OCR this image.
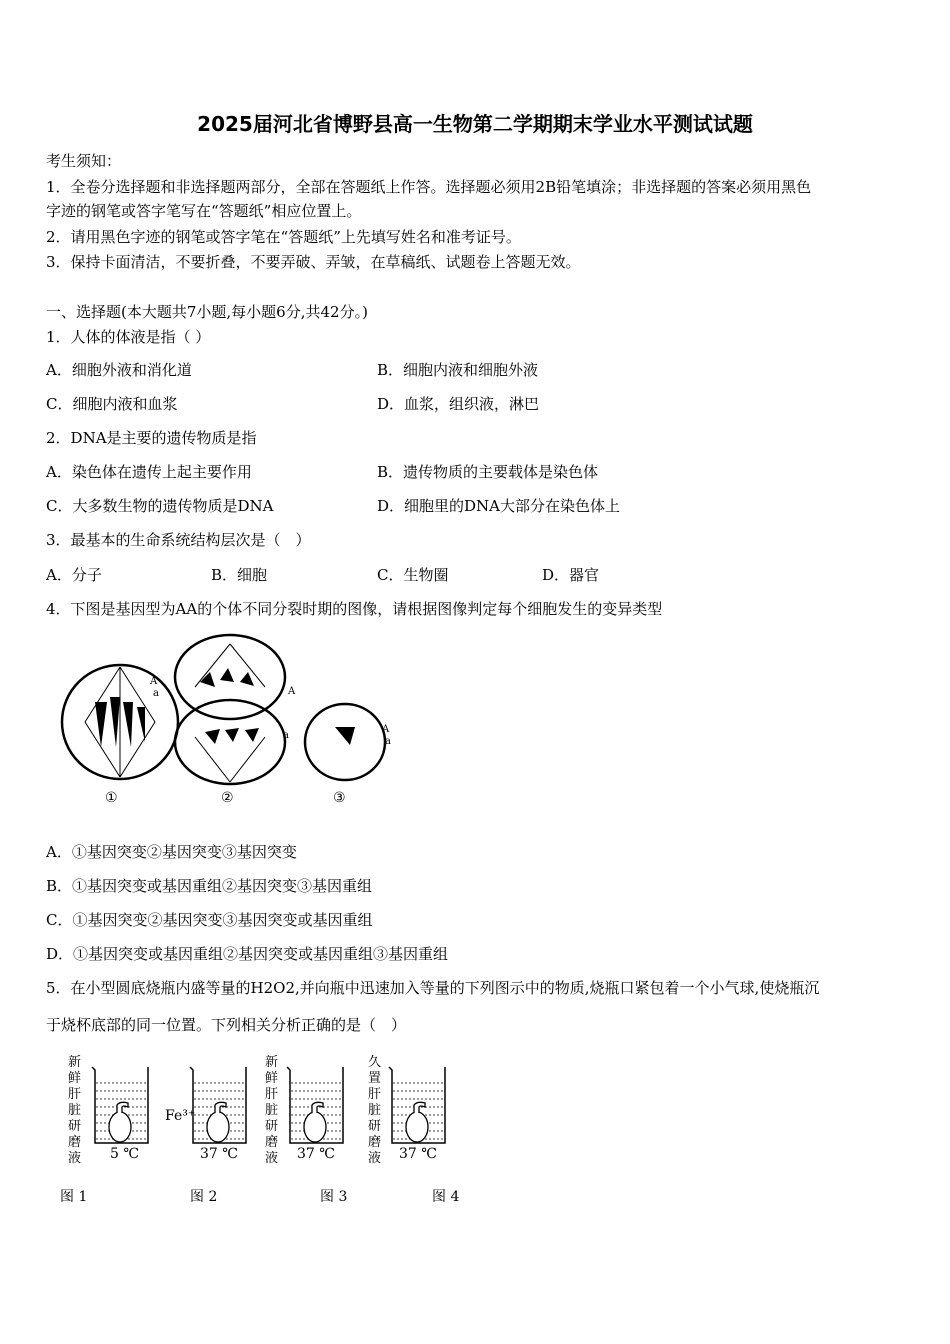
2025届河北省博野县高一生物第二学期期末学业水平测试试题
考生须知：
1．全卷分选择题和非选择题两部分，全部在答题纸上作答。选择题必须用2B铅笔填涂；非选择题的答案必须用黑色
字迹的钢笔或答字笔写在“答题纸”相应位置上。
2．请用黑色字迹的钢笔或答字笔在“答题纸”上先填写姓名和准考证号。
3．保持卡面清洁，不要折叠，不要弄破、弄皱，在草稿纸、试题卷上答题无效。
一、选择题(本大题共7小题,每小题6分,共42分。)
1．人体的体液是指（ ）
A．细胞外液和消化道	B．细胞内液和细胞外液
C．细胞内液和血浆	D．血浆，组织液，淋巴
2．DNA是主要的遗传物质是指
A．染色体在遗传上起主要作用	B．遗传物质的主要载体是染色体
C．大多数生物的遗传物质是DNA	D．细胞里的DNA大部分在染色体上
3．最基本的生命系统结构层次是（　）
A．分子	B．细胞	C．生物圈	D．器官
4．下图是基因型为AA的个体不同分裂时期的图像，请根据图像判定每个细胞发生的变异类型
A
a	A
a
A
a
①	②	③
A．①基因突变②基因突变③基因突变
B．①基因突变或基因重组②基因突变③基因重组
C．①基因突变②基因突变③基因突变或基因重组
D．①基因突变或基因重组②基因突变或基因重组③基因重组
5．在小型圆底烧瓶内盛等量的H2O2,并向瓶中迅速加入等量的下列图示中的物质,烧瓶口紧包着一个小气球,使烧瓶沉
于烧杯底部的同一位置。下列相关分析正确的是（　）
新鲜肝脏研磨液 5 ℃
图 1
Fe³⁺
37 ℃
图 2
新鲜肝脏研磨液 37 ℃
图 3
久置肝脏研磨液 37 ℃
图 4
